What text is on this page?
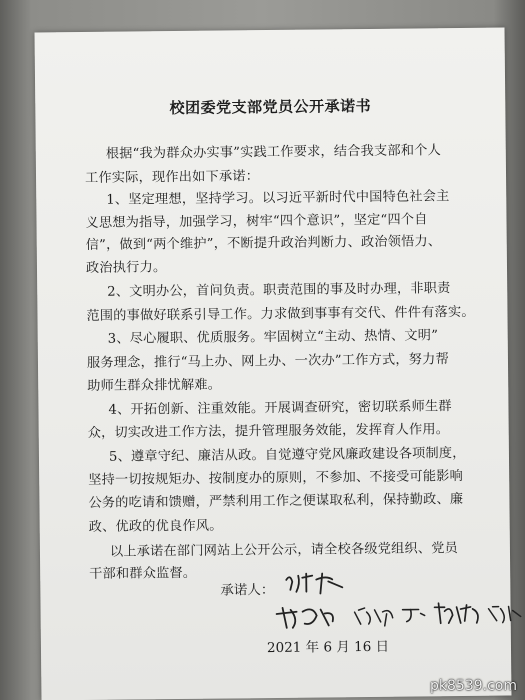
校团委党支部党员公开承诺书
根据“我为群众办实事”实践工作要求，结合我支部和个人
工作实际，现作出如下承诺：
1、坚定理想，坚持学习。以习近平新时代中国特色社会主
义思想为指导，加强学习，树牢“四个意识”，坚定“四个自
信”，做到“两个维护”，不断提升政治判断力、政治领悟力、
政治执行力。
2、文明办公，首问负责。职责范围的事及时办理，非职责
范围的事做好联系引导工作。力求做到事事有交代、件件有落实。
3、尽心履职、优质服务。牢固树立“主动、热情、文明”
服务理念，推行“马上办、网上办、一次办”工作方式，努力帮
助师生群众排忧解难。
4、开拓创新、注重效能。开展调查研究，密切联系师生群
众，切实改进工作方法，提升管理服务效能，发挥育人作用。
5、遵章守纪、廉洁从政。自觉遵守党风廉政建设各项制度，
坚持一切按规矩办、按制度办的原则，不参加、不接受可能影响
公务的吃请和馈赠，严禁利用工作之便谋取私利，保持勤政、廉
政、优政的优良作风。
以上承诺在部门网站上公开公示，请全校各级党组织、党员
干部和群众监督。
承诺人：
2021 年 6 月 16 日
pk8539.com
